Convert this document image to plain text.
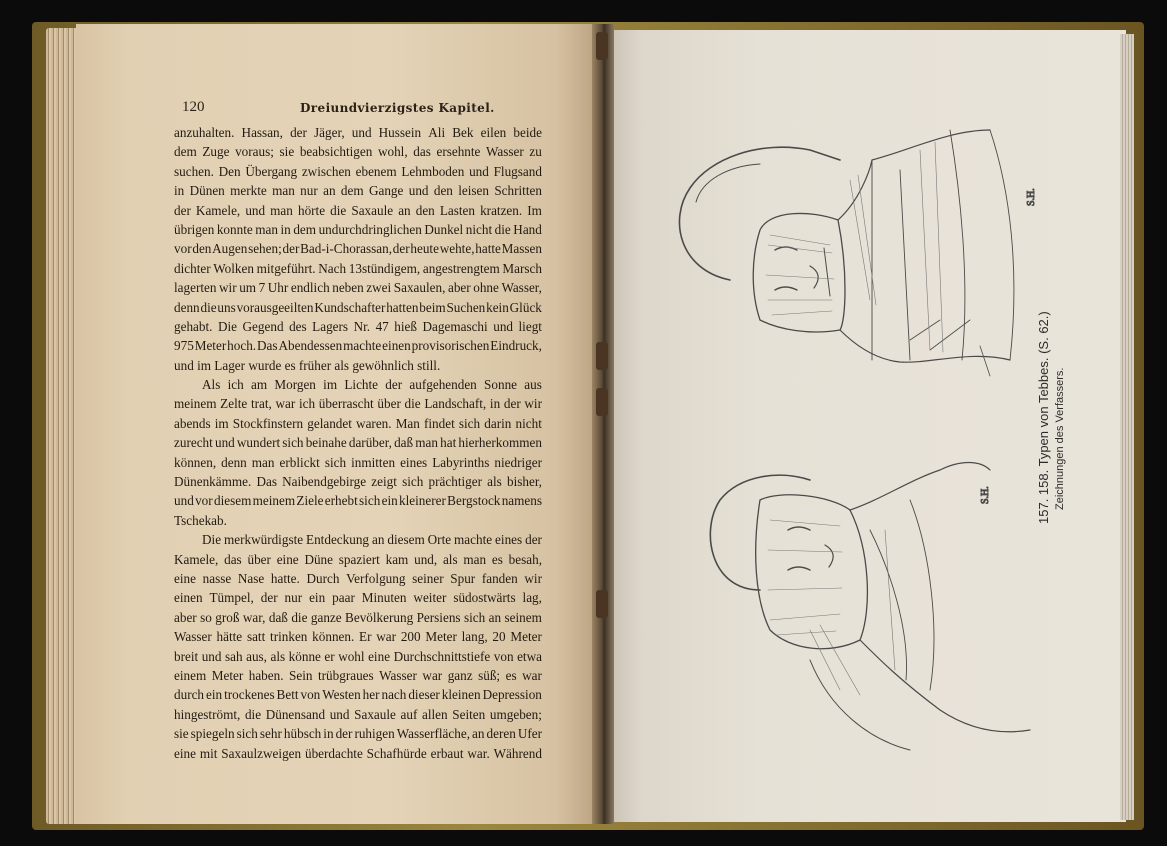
120	Dreiundvierzigstes Kapitel.
anzuhalten. Hassan, der Jäger, und Hussein Ali Bek eilen beide
dem Zuge voraus; sie beabsichtigen wohl, das ersehnte Wasser zu
suchen. Den Übergang zwischen ebenem Lehmboden und Flugsand
in Dünen merkte man nur an dem Gange und den leisen Schritten
der Kamele, und man hörte die Saxaule an den Lasten kratzen. Im
übrigen konnte man in dem undurchdringlichen Dunkel nicht die Hand
vor den Augen sehen; der Bad-i-Chorassan, der heute wehte, hatte Massen
dichter Wolken mitgeführt. Nach 13stündigem, angestrengtem Marsch
lagerten wir um 7 Uhr endlich neben zwei Saxaulen, aber ohne Wasser,
denn die uns vorausgeeilten Kundschafter hatten beim Suchen kein Glück
gehabt. Die Gegend des Lagers Nr. 47 hieß Dagemaschi und liegt
975 Meter hoch. Das Abendessen machte einen provisorischen Eindruck,
und im Lager wurde es früher als gewöhnlich still.
Als ich am Morgen im Lichte der aufgehenden Sonne aus
meinem Zelte trat, war ich überrascht über die Landschaft, in der wir
abends im Stockfinstern gelandet waren. Man findet sich darin nicht
zurecht und wundert sich beinahe darüber, daß man hat hierherkommen
können, denn man erblickt sich inmitten eines Labyrinths niedriger
Dünenkämme. Das Naibendgebirge zeigt sich prächtiger als bisher,
und vor diesem meinem Ziele erhebt sich ein kleinerer Bergstock namens
Tschekab.
Die merkwürdigste Entdeckung an diesem Orte machte eines der
Kamele, das über eine Düne spaziert kam und, als man es besah,
eine nasse Nase hatte. Durch Verfolgung seiner Spur fanden wir
einen Tümpel, der nur ein paar Minuten weiter südostwärts lag,
aber so groß war, daß die ganze Bevölkerung Persiens sich an seinem
Wasser hätte satt trinken können. Er war 200 Meter lang, 20 Meter
breit und sah aus, als könne er wohl eine Durchschnittstiefe von etwa
einem Meter haben. Sein trübgraues Wasser war ganz süß; es war
durch ein trockenes Bett von Westen her nach dieser kleinen Depression
hingeströmt, die Dünensand und Saxaule auf allen Seiten umgeben;
sie spiegeln sich sehr hübsch in der ruhigen Wasserfläche, an deren Ufer
eine mit Saxaulzweigen überdachte Schafhürde erbaut war. Während
S.H.
S.H.
157. 158. Typen von Tebbes. (S. 62.) Zeichnungen des Verfassers.
